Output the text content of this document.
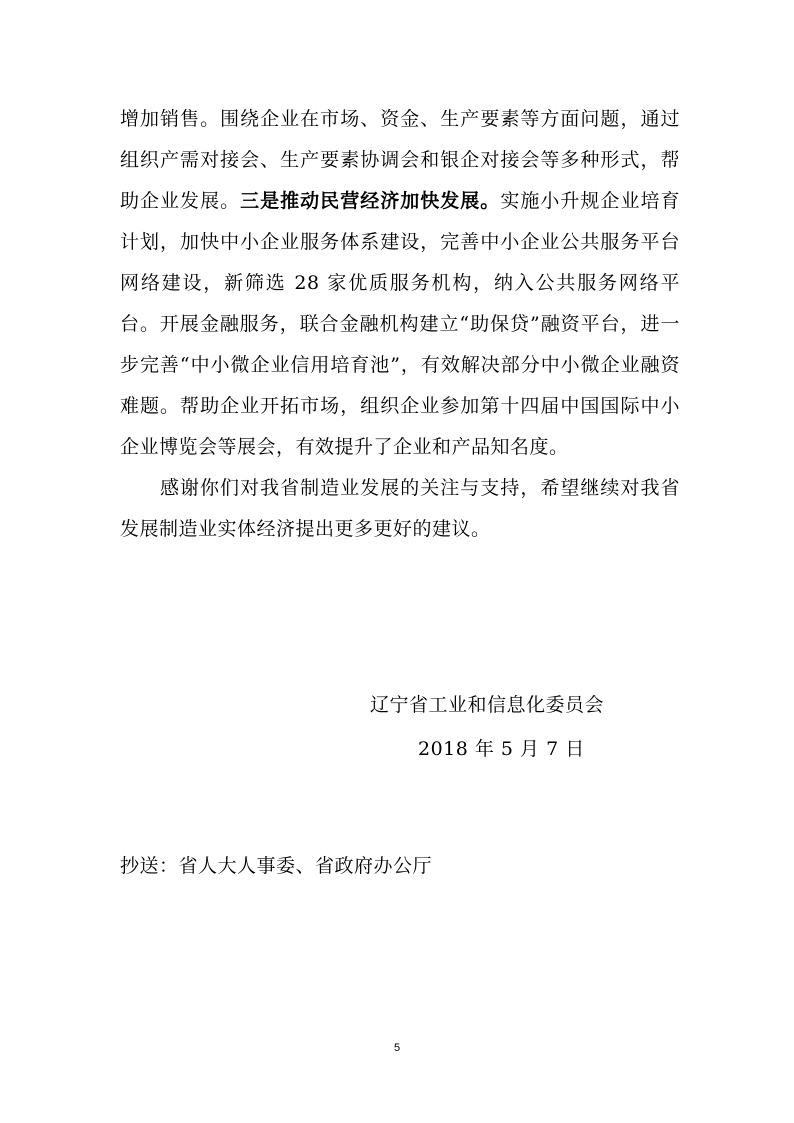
增加销售。围绕企业在市场、资金、生产要素等方面问题，通过组织产需对接会、生产要素协调会和银企对接会等多种形式，帮助企业发展。三是推动民营经济加快发展。实施小升规企业培育计划，加快中小企业服务体系建设，完善中小企业公共服务平台网络建设，新筛选 28 家优质服务机构，纳入公共服务网络平台。开展金融服务，联合金融机构建立“助保贷”融资平台，进一步完善“中小微企业信用培育池”，有效解决部分中小微企业融资难题。帮助企业开拓市场，组织企业参加第十四届中国国际中小企业博览会等展会，有效提升了企业和产品知名度。

感谢你们对我省制造业发展的关注与支持，希望继续对我省发展制造业实体经济提出更多更好的建议。

辽宁省工业和信息化委员会
2018 年 5 月 7 日
抄送：省人大人事委、省政府办公厅
5
